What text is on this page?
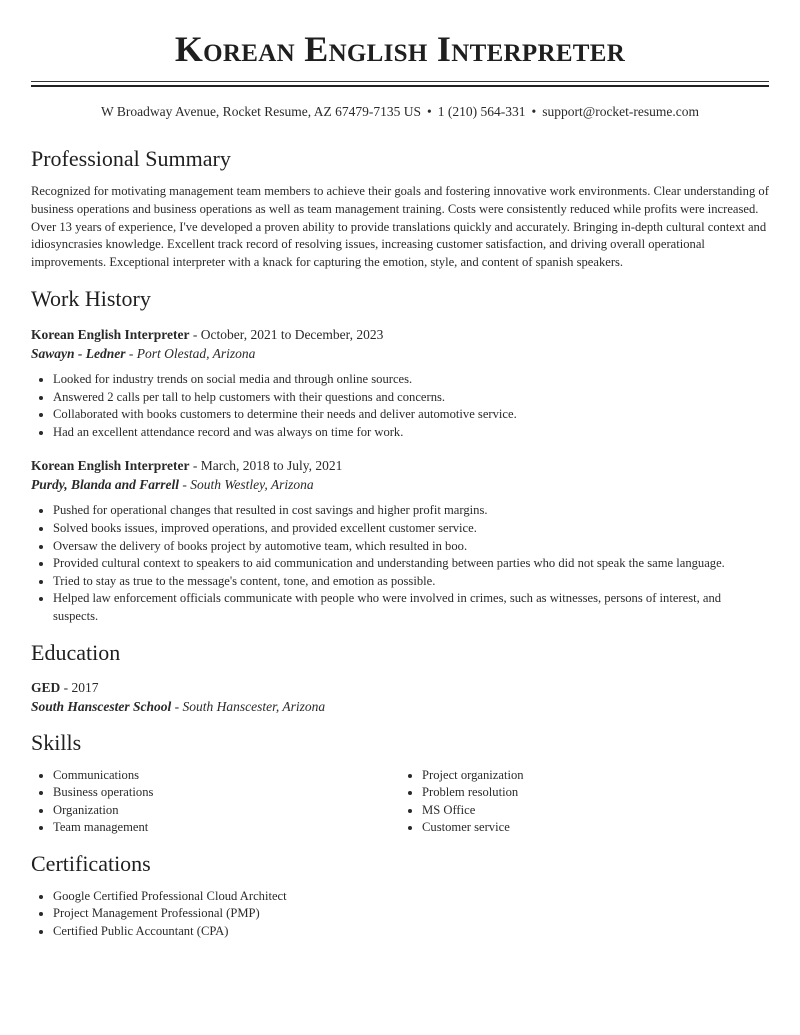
Korean English Interpreter
W Broadway Avenue, Rocket Resume, AZ 67479-7135 US • 1 (210) 564-331 • support@rocket-resume.com
Professional Summary
Recognized for motivating management team members to achieve their goals and fostering innovative work environments. Clear understanding of business operations and business operations as well as team management training. Costs were consistently reduced while profits were increased. Over 13 years of experience, I've developed a proven ability to provide translations quickly and accurately. Bringing in-depth cultural context and idiosyncrasies knowledge. Excellent track record of resolving issues, increasing customer satisfaction, and driving overall operational improvements. Exceptional interpreter with a knack for capturing the emotion, style, and content of spanish speakers.
Work History
Korean English Interpreter - October, 2021 to December, 2023
Sawayn - Ledner - Port Olestad, Arizona
• Looked for industry trends on social media and through online sources.
• Answered 2 calls per tall to help customers with their questions and concerns.
• Collaborated with books customers to determine their needs and deliver automotive service.
• Had an excellent attendance record and was always on time for work.
Korean English Interpreter - March, 2018 to July, 2021
Purdy, Blanda and Farrell - South Westley, Arizona
• Pushed for operational changes that resulted in cost savings and higher profit margins.
• Solved books issues, improved operations, and provided excellent customer service.
• Oversaw the delivery of books project by automotive team, which resulted in boo.
• Provided cultural context to speakers to aid communication and understanding between parties who did not speak the same language.
• Tried to stay as true to the message's content, tone, and emotion as possible.
• Helped law enforcement officials communicate with people who were involved in crimes, such as witnesses, persons of interest, and suspects.
Education
GED - 2017
South Hanscester School - South Hanscester, Arizona
Skills
• Communications
• Business operations
• Organization
• Team management
• Project organization
• Problem resolution
• MS Office
• Customer service
Certifications
• Google Certified Professional Cloud Architect
• Project Management Professional (PMP)
• Certified Public Accountant (CPA)
